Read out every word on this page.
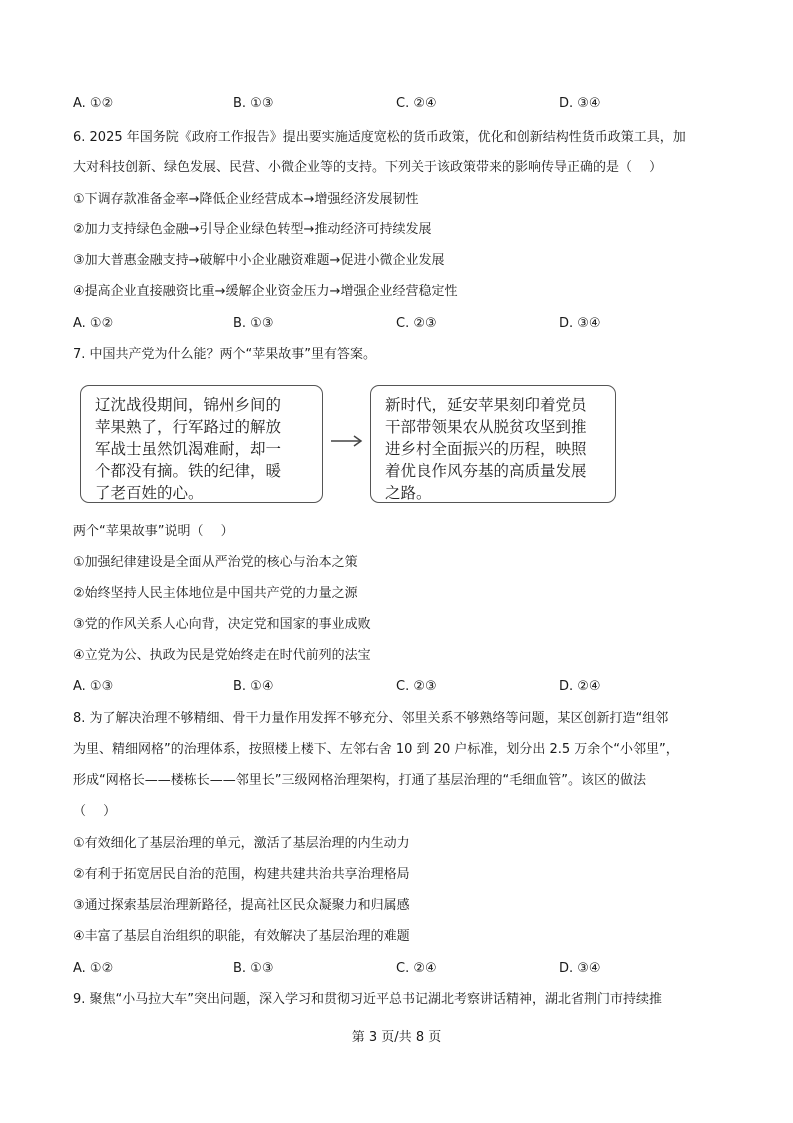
A. ①②	B. ①③	C. ②④	D. ③④
6. 2025 年国务院《政府工作报告》提出要实施适度宽松的货币政策，优化和创新结构性货币政策工具，加
大对科技创新、绿色发展、民营、小微企业等的支持。下列关于该政策带来的影响传导正确的是（　 ）
①下调存款准备金率→降低企业经营成本→增强经济发展韧性
②加力支持绿色金融→引导企业绿色转型→推动经济可持续发展
③加大普惠金融支持→破解中小企业融资难题→促进小微企业发展
④提高企业直接融资比重→缓解企业资金压力→增强企业经营稳定性
A. ①②	B. ①③	C. ②③	D. ③④
7. 中国共产党为什么能？两个“苹果故事”里有答案。
辽沈战役期间，锦州乡间的
苹果熟了，行军路过的解放
军战士虽然饥渴难耐，却一
个都没有摘。铁的纪律，暖
了老百姓的心。
新时代，延安苹果刻印着党员
干部带领果农从脱贫攻坚到推
进乡村全面振兴的历程，映照
着优良作风夯基的高质量发展
之路。
两个“苹果故事”说明（　 ）
①加强纪律建设是全面从严治党的核心与治本之策
②始终坚持人民主体地位是中国共产党的力量之源
③党的作风关系人心向背，决定党和国家的事业成败
④立党为公、执政为民是党始终走在时代前列的法宝
A. ①③	B. ①④	C. ②③	D. ②④
8. 为了解决治理不够精细、骨干力量作用发挥不够充分、邻里关系不够熟络等问题，某区创新打造“组邻
为里、精细网格”的治理体系，按照楼上楼下、左邻右舍 10 到 20 户标准，划分出 2.5 万余个“小邻里”，
形成“网格长——楼栋长——邻里长”三级网格治理架构，打通了基层治理的“毛细血管”。该区的做法
（　 ）
①有效细化了基层治理的单元，激活了基层治理的内生动力
②有利于拓宽居民自治的范围，构建共建共治共享治理格局
③通过探索基层治理新路径，提高社区民众凝聚力和归属感
④丰富了基层自治组织的职能，有效解决了基层治理的难题
A. ①②	B. ①③	C. ②④	D. ③④
9. 聚焦“小马拉大车”突出问题，深入学习和贯彻习近平总书记湖北考察讲话精神，湖北省荆门市持续推
第 3 页/共 8 页
